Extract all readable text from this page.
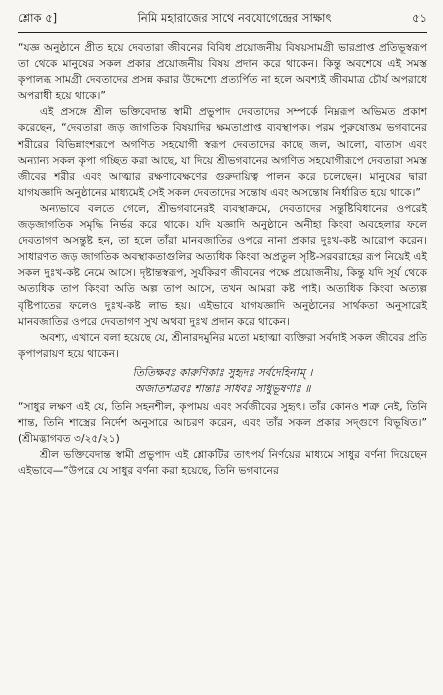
শ্লোক ৫]	নিমি মহারাজের সাথে নবযোগেন্দ্রের সাক্ষাৎ	৫১

“যজ্ঞ অনুষ্ঠানে প্রীত হয়ে দেবতারা জীবনের বিবিধ প্রয়োজনীয় বিষয়সামগ্রী ভারপ্রাপ্ত প্রতিভূস্বরূপ তা থেকে মানুষের সকল প্রকার প্রয়োজনীয় বিষয় প্রদান করে থাকেন। কিন্তু অবশেষে এই সমস্ত কৃপালব্ধ সামগ্রী দেবতাদের প্রসন্ন করার উদ্দেশ্যে প্রত্যর্পিত না হলে অবশ্যই জীবমাত্র চৌর্য অপরাধে অপরাধী হয়ে থাকে।”

এই প্রসঙ্গে শ্রীল ভক্তিবেদান্ত স্বামী প্রভুপাদ দেবতাদের সম্পর্কে নিম্নরূপ অভিমত প্রকাশ করেছেন, “দেবতারা জড় জাগতিক বিষয়াদির ক্ষমতাপ্রাপ্ত ব্যবস্থাপক। পরম পুরুষোত্তম ভগবানের শরীরের বিভিন্নাংশরূপে অগণিত সহযোগী স্বরূপ দেবতাদের কাছে জল, আলো, বাতাস এবং অন্যান্য সকল কৃপা গচ্ছিত করা আছে, যা দিয়ে শ্রীভগবানের অগণিত সহযোগীরূপে দেবতারা সমস্ত জীবের শরীর এবং আত্মার রক্ষণাবেক্ষণের গুরুদায়িত্ব পালন করে চলেছেন। মানুষের দ্বারা যাগযজ্ঞাদি অনুষ্ঠানের মাধ্যমেই সেই সকল দেবতাদের সন্তোষ এবং অসন্তোষ নির্ধারিত হয়ে থাকে।”

অন্যভাবে বলতে গেলে, শ্রীভগবানেরই ব্যবস্থাক্রমে, দেবতাদের সন্তুষ্টিবিধানের ওপরেই জড়জাগতিক সমৃদ্ধি নির্ভর করে থাকে। যদি যজ্ঞাদি অনুষ্ঠানে অনীহা কিংবা অবহেলার ফলে দেবতাগণ অসন্তুষ্ট হন, তা হলে তাঁরা মানবজাতির ওপরে নানা প্রকার দুঃখ-কষ্ট আরোপ করেন। সাধারণত জড় জাগতিক অবস্থাকতাগুলির অত্যধিক কিংবা অপ্রতুল সৃষ্টি-সরবরাহের রূপ নিয়েই এই সকল দুঃখ-কষ্ট নেমে আসে। দৃষ্টান্তস্বরূপ, সুর্যকিরণ জীবনের পক্ষে প্রয়োজনীয়, কিন্তু যদি সূর্য থেকে অত্যধিক তাপ কিংবা অতি অল্প তাপ আসে, তখন আমরা কষ্ট পাই। অত্যধিক কিংবা অত্যল্প বৃষ্টিপাতের ফলেও দুঃখ-কষ্ট লাভ হয়। এইভাবে যাগযজ্ঞাদি অনুষ্ঠানের সার্থকতা অনুসারেই মানবজাতির ওপরে দেবতাগণ সুখ অথবা দুঃখ প্রদান করে থাকেন।

অবশ্য, এখানে বলা হয়েছে যে, শ্রীনারদমুনির মতো মহাত্মা ব্যক্তিরা সর্বদাই সকল জীবের প্রতি কৃপাপরায়ণ হয়ে থাকেন।

তিতিক্ষবঃ কারুণিকাঃ সুহৃদঃ সর্বদেহিনাম্ ।
অজাতশত্রবঃ শান্তাঃ সাধবঃ সাধুভূষণাঃ ॥

“সাধুর লক্ষণ এই যে, তিনি সহনশীল, কৃপাময় এবং সর্বজীবের সুহৃৎ। তাঁর কোনও শত্রু নেই, তিনি শান্ত, তিনি শাস্ত্রের নির্দেশ অনুসারে আচরণ করেন, এবং তাঁর সকল প্রকার সদ্গুণে বিভূষিত।” (শ্রীমদ্ভাগবত ৩/২৫/২১)

শ্রীল ভক্তিবেদান্ত স্বামী প্রভুপাদ এই শ্লোকটির তাৎপর্য নির্ণয়ের মাধ্যমে সাধুর বর্ণনা দিয়েছেন এইভাবে—“উপরে যে সাধুর বর্ণনা করা হয়েছে, তিনি ভগবানের
